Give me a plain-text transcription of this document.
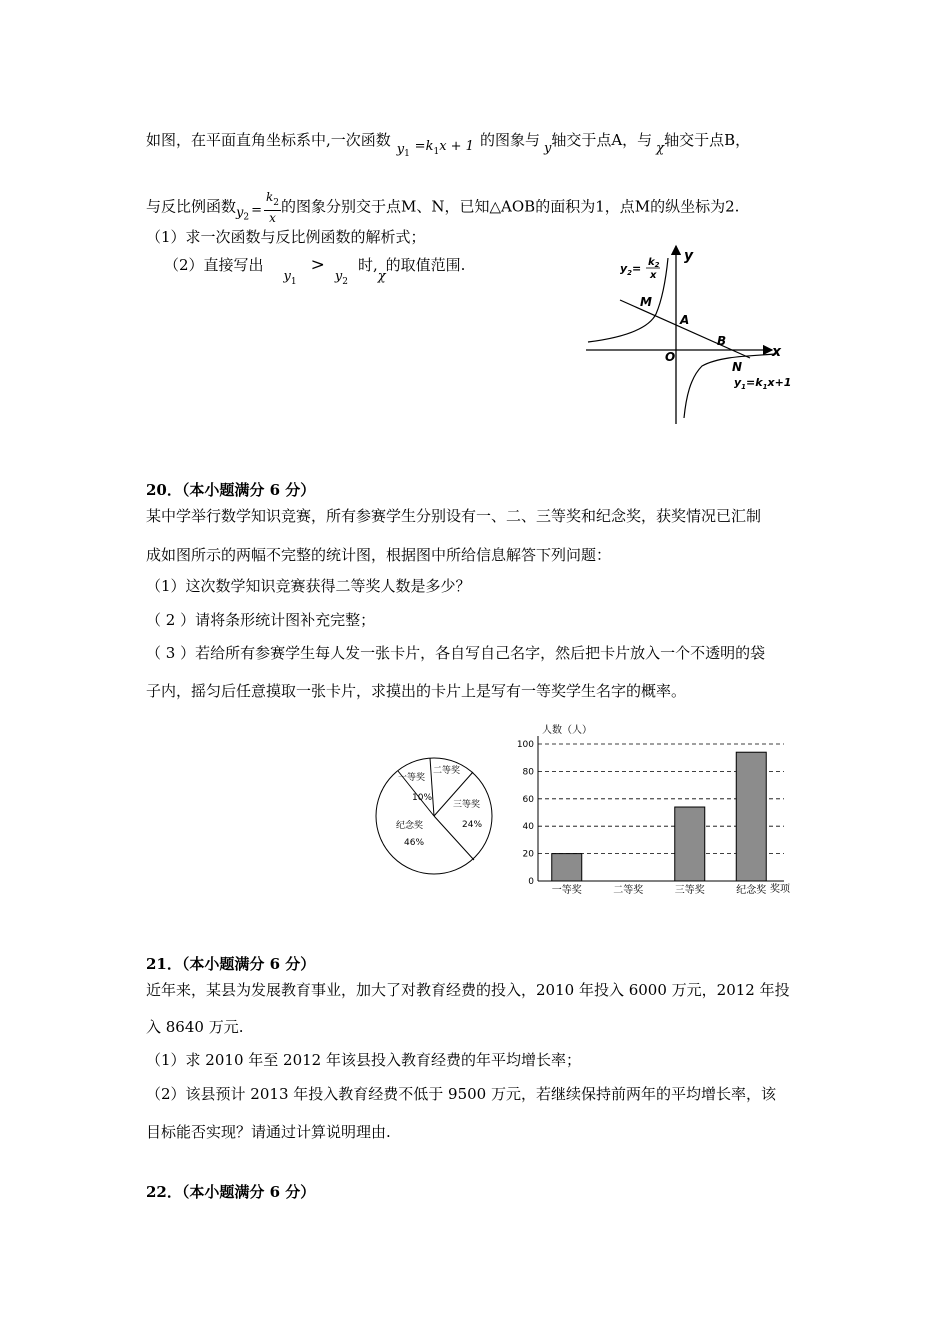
如图，在平面直角坐标系中,一次函数$y_1 =k_1x + 1$ 的图象与 y轴交于点A，与 χ轴交于点B，
与反比例函数$y_2 = \frac{k_2}{x}$ 的图象分别交于点M、N，已知△AOB的面积为1，点M的纵坐标为2.
（1）求一次函数与反比例函数的解析式；
（2）直接写出$y_1>y_2$时,χ的取值范围.	$y_2= k_2$
x
y
x
M
A
B
O
N
$y_1=k_1x+1$
20．（本小题满分 6 分）
某中学举行数学知识竞赛，所有参赛学生分别设有一、二、三等奖和纪念奖，获奖情况已汇制
成如图所示的两幅不完整的统计图，根据图中所给信息解答下列问题：
（1）这次数学知识竞赛获得二等奖人数是多少？
（ 2 ）请将条形统计图补充完整；
（ 3 ）若给所有参赛学生每人发一张卡片，各自写自己名字，然后把卡片放入一个不透明的袋
子内，摇匀后任意摸取一张卡片，求摸出的卡片上是写有一等奖学生名字的概率。
一等奖
10%
二等奖
三等奖
24%
纪念奖
46%
人数（人）
奖项
0
20
40
60
80
100
一等奖	二等奖	三等奖	纪念奖
21．（本小题满分 6 分）
近年来，某县为发展教育事业，加大了对教育经费的投入，2010 年投入 6000 万元，2012 年投
入 8640 万元.
（1）求 2010 年至 2012 年该县投入教育经费的年平均增长率；
（2）该县预计 2013 年投入教育经费不低于 9500 万元，若继续保持前两年的平均增长率，该
目标能否实现？请通过计算说明理由.
22．（本小题满分 6 分）
